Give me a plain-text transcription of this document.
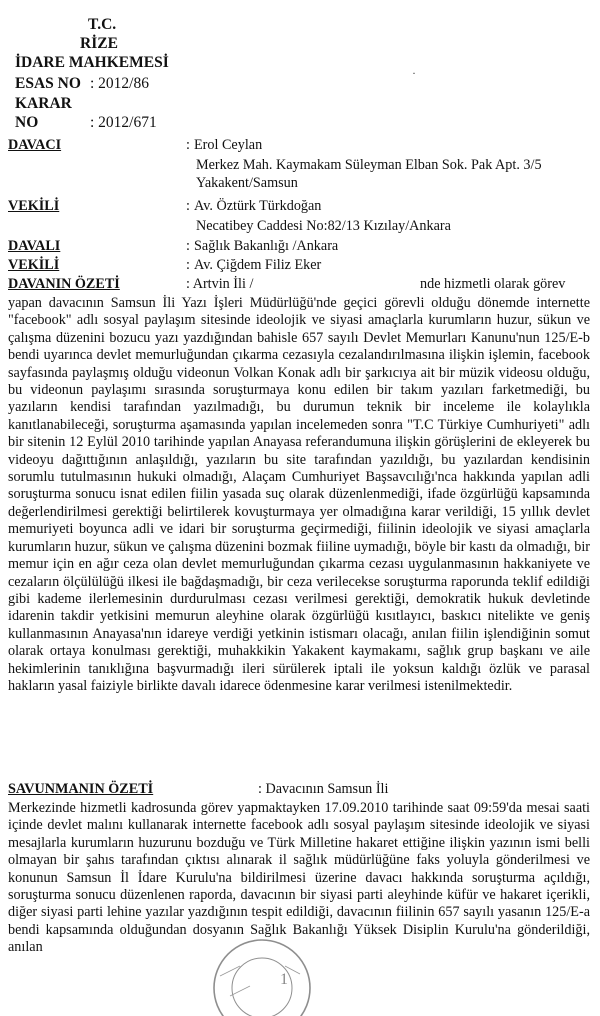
T.C.
RİZE
İDARE MAHKEMESİ
ESAS NO : 2012/86
KARAR NO	: 2012/671
·
DAVACI	: Erol Ceylan
Merkez Mah. Kaymakam Süleyman Elban Sok. Pak Apt. 3/5
Yakakent/Samsun
VEKİLİ	: Av. Öztürk Türkdoğan
Necatibey Caddesi No:82/13 Kızılay/Ankara
DAVALI	: Sağlık Bakanlığı /Ankara
VEKİLİ	: Av. Çiğdem Filiz Eker
DAVANIN ÖZETİ	: Artvin İli /	nde hizmetli olarak görev

yapan davacının Samsun İli Yazı İşleri Müdürlüğü'nde geçici görevli olduğu dönemde internette "facebook" adlı sosyal paylaşım sitesinde ideolojik ve siyasi amaçlarla kurumların huzur, sükun ve çalışma düzenini bozucu yazı yazdığından bahisle 657 sayılı Devlet Memurları Kanunu'nun 125/E-b bendi uyarınca devlet memurluğundan çıkarma cezasıyla cezalandırılmasına ilişkin işlemin, facebook sayfasında paylaşmış olduğu videonun Volkan Konak adlı bir şarkıcıya ait bir müzik videosu olduğu, bu videonun paylaşımı sırasında soruşturmaya konu edilen bir takım yazıları farketmediği, bu yazıların kendisi tarafından yazılmadığı, bu durumun teknik bir inceleme ile kolaylıkla kanıtlanabileceği, soruşturma aşamasında yapılan incelemeden sonra "T.C Türkiye Cumhuriyeti" adlı bir sitenin 12 Eylül 2010 tarihinde yapılan Anayasa referandumuna ilişkin görüşlerini de ekleyerek bu videoyu dağıttığının anlaşıldığı, yazıların bu site tarafından yazıldığı, bu yazılardan kendisinin sorumlu tutulmasının hukuki olmadığı, Alaçam Cumhuriyet Başsavcılığı'nca hakkında yapılan adli soruşturma sonucu isnat edilen fiilin yasada suç olarak düzenlenmediği, ifade özgürlüğü kapsamında değerlendirilmesi gerektiği belirtilerek kovuşturmaya yer olmadığına karar verildiği, 15 yıllık devlet memuriyeti boyunca adli ve idari bir soruşturma geçirmediği, fiilinin ideolojik ve siyasi amaçlarla kurumların huzur, sükun ve çalışma düzenini bozmak fiiline uymadığı, böyle bir kastı da olmadığı, bir memur için en ağır ceza olan devlet memurluğundan çıkarma cezası uygulanmasının hakkaniyete ve cezaların ölçülülüğü ilkesi ile bağdaşmadığı, bir ceza verilecekse soruşturma raporunda teklif edildiği gibi kademe ilerlemesinin durdurulması cezası verilmesi gerektiği, demokratik hukuk devletinde idarenin takdir yetkisini memurun aleyhine olarak özgürlüğü kısıtlayıcı, baskıcı nitelikte ve geniş kullanmasının Anayasa'nın idareye verdiği yetkinin istismarı olacağı, anılan fiilin işlendiğinin somut olarak ortaya konulması gerektiği, muhakkikin Yakakent kaymakamı, sağlık grup başkanı ve aile hekimlerinin tanıklığına başvurmadığı ileri sürülerek iptali ile yoksun kaldığı özlük ve parasal hakların yasal faiziyle birlikte davalı idarece ödenmesine karar verilmesi istenilmektedir.

SAVUNMANIN ÖZETİ	: Davacının Samsun İli

Merkezinde hizmetli kadrosunda görev yapmaktayken 17.09.2010 tarihinde saat 09:59'da mesai saati içinde devlet malını kullanarak internette facebook adlı sosyal paylaşım sitesinde ideolojik ve siyasi mesajlarla kurumların huzurunu bozduğu ve Türk Milletine hakaret ettiğine ilişkin yazının ismi belli olmayan bir şahıs tarafından çıktısı alınarak il sağlık müdürlüğüne faks yoluyla gönderilmesi ve konunun Samsun İl İdare Kurulu'na bildirilmesi üzerine davacı hakkında soruşturma açıldığı, soruşturma sonucu düzenlenen raporda, davacının bir siyasi parti aleyhinde küfür ve hakaret içerikli, diğer siyasi parti lehine yazılar yazdığının tespit edildiği, davacının fiilinin 657 sayılı yasanın 125/E-a bendi kapsamında olduğundan dosyanın Sağlık Bakanlığı Yüksek Disiplin Kurulu'na gönderildiği, anılan

1
